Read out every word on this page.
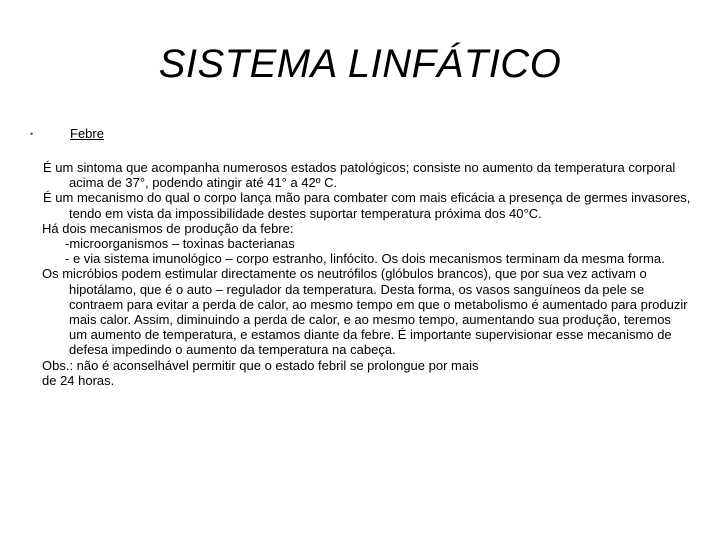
SISTEMA LINFÁTICO
•	Febre

É um sintoma que acompanha numerosos estados patológicos; consiste no aumento da temperatura corporal acima de 37°, podendo atingir até 41° a 42º C.

É um mecanismo do qual o corpo lança mão para combater com mais eficácia a presença de germes invasores, tendo em vista da impossibilidade destes suportar temperatura próxima dos 40°C.

Há dois mecanismos de produção da febre:

-microorganismos – toxinas bacterianas

- e via sistema imunológico – corpo estranho, linfócito. Os dois mecanismos terminam da mesma forma.

Os micróbios podem estimular directamente os neutrófilos (glóbulos brancos), que por sua vez activam o hipotálamo, que é o auto – regulador da temperatura. Desta forma, os vasos sanguíneos da pele se contraem para evitar a perda de calor, ao mesmo tempo em que o metabolismo é aumentado para produzir mais calor. Assim, diminuindo a perda de calor, e ao mesmo tempo, aumentando sua produção, teremos um aumento de temperatura, e estamos diante da febre. É importante supervisionar esse mecanismo de defesa impedindo o aumento da temperatura na cabeça.

Obs.: não é aconselhável permitir que o estado febril se prolongue por mais de 24 horas.
